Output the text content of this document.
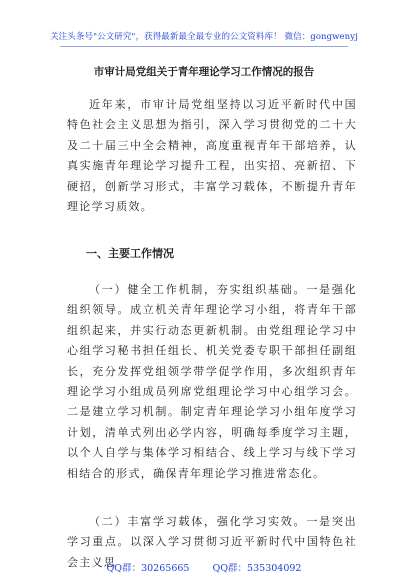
关注头条号"公文研究"，获得最新最全最专业的公文资料库！ 微信：gongwenyj
市审计局党组关于青年理论学习工作情况的报告
近年来，市审计局党组坚持以习近平新时代中国特色社会主义思想为指引，深入学习贯彻党的二十大及二十届三中全会精神，高度重视青年干部培养，认真实施青年理论学习提升工程，出实招、亮新招、下硬招，创新学习形式，丰富学习载体，不断提升青年理论学习质效。
一、主要工作情况
（一）健全工作机制，夯实组织基础。一是强化组织领导。成立机关青年理论学习小组，将青年干部组织起来，并实行动态更新机制。由党组理论学习中心组学习秘书担任组长、机关党委专职干部担任副组长，充分发挥党组领学带学促学作用，多次组织青年理论学习小组成员列席党组理论学习中心组学习会。二是建立学习机制。制定青年理论学习小组年度学习计划，清单式列出必学内容，明确每季度学习主题，以个人自学与集体学习相结合、线上学习与线下学习相结合的形式，确保青年理论学习推进常态化。
（二）丰富学习载体，强化学习实效。一是突出学习重点。以深入学习贯彻习近平新时代中国特色社会主义思
QQ群：30265665 QQ群：535304092
